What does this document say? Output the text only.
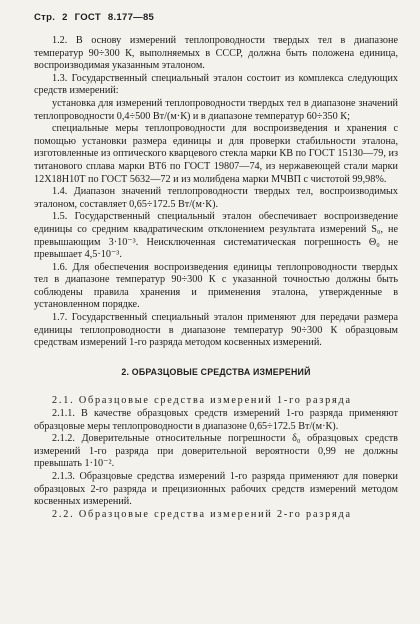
Стр. 2 ГОСТ 8.177—85

1.2. В основу измерений теплопроводности твердых тел в диапазоне температур 90÷300 К, выполняемых в СССР, должна быть положена единица, воспроизводимая указанным эталоном.

1.3. Государственный специальный эталон состоит из комплекса следующих средств измерений:

установка для измерений теплопроводности твердых тел в диапазоне значений теплопроводности 0,4÷500 Вт/(м·К) и в диапазоне температур 60÷350 К;

специальные меры теплопроводности для воспроизведения и хранения с помощью установки размера единицы и для проверки стабильности эталона, изготовленные из оптического кварцевого стекла марки КВ по ГОСТ 15130—79, из титанового сплава марки ВТ6 по ГОСТ 19807—74, из нержавеющей стали марки 12Х18Н10Т по ГОСТ 5632—72 и из молибдена марки МЧВП с чистотой 99,98%.

1.4. Диапазон значений теплопроводности твердых тел, воспроизводимых эталоном, составляет 0,65÷172.5 Вт/(м·К).

1.5. Государственный специальный эталон обеспечивает воспроизведение единицы со средним квадратическим отклонением результата измерений S₀, не превышающим 3·10⁻³. Неисключенная систематическая погрешность Θ₀ не превышает 4,5·10⁻³.

1.6. Для обеспечения воспроизведения единицы теплопроводности твердых тел в диапазоне температур 90÷300 К с указанной точностью должны быть соблюдены правила хранения и применения эталона, утвержденные в установленном порядке.

1.7. Государственный специальный эталон применяют для передачи размера единицы теплопроводности в диапазоне температур 90÷300 К образцовым средствам измерений 1-го разряда методом косвенных измерений.

2. ОБРАЗЦОВЫЕ СРЕДСТВА ИЗМЕРЕНИЙ

2.1. Образцовые средства измерений 1-го разряда

2.1.1. В качестве образцовых средств измерений 1-го разряда применяют образцовые меры теплопроводности в диапазоне 0,65÷172.5 Вт/(м·К).

2.1.2. Доверительные относительные погрешности δ₀ образцовых средств измерений 1-го разряда при доверительной вероятности 0,99 не должны превышать 1·10⁻².

2.1.3. Образцовые средства измерений 1-го разряда применяют для поверки образцовых 2-го разряда и прецизионных рабочих средств измерений методом косвенных измерений.

2.2. Образцовые средства измерений 2-го разряда
